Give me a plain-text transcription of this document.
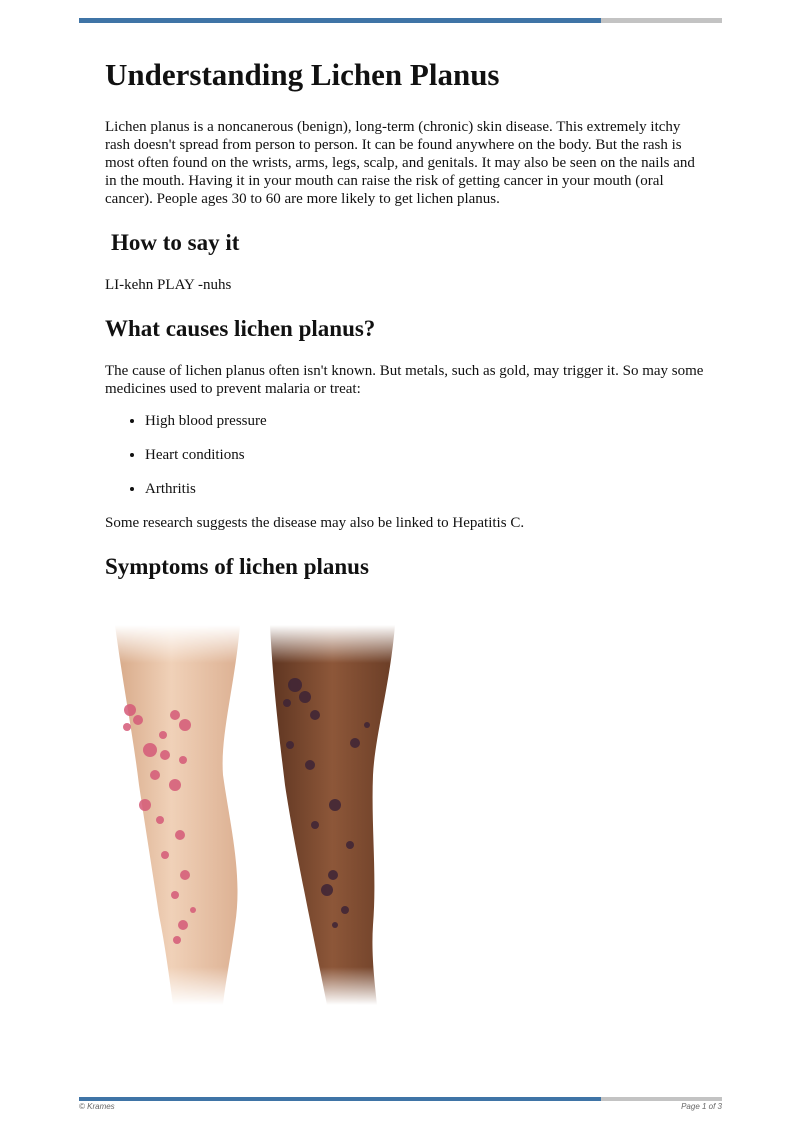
Understanding Lichen Planus

Lichen planus is a noncanerous (benign), long-term (chronic) skin disease. This extremely itchy rash doesn't spread from person to person. It can be found anywhere on the body. But the rash is most often found on the wrists, arms, legs, scalp, and genitals. It may also be seen on the nails and in the mouth. Having it in your mouth can raise the risk of getting cancer in your mouth (oral cancer). People ages 30 to 60 are more likely to get lichen planus.

How to say it

LI-kehn PLAY -nuhs

What causes lichen planus?

The cause of lichen planus often isn't known. But metals, such as gold, may trigger it. So may some medicines used to prevent malaria or treat:

• High blood pressure
• Heart conditions
• Arthritis

Some research suggests the disease may also be linked to Hepatitis C.

Symptoms of lichen planus
© Krames	Page 1 of 3
